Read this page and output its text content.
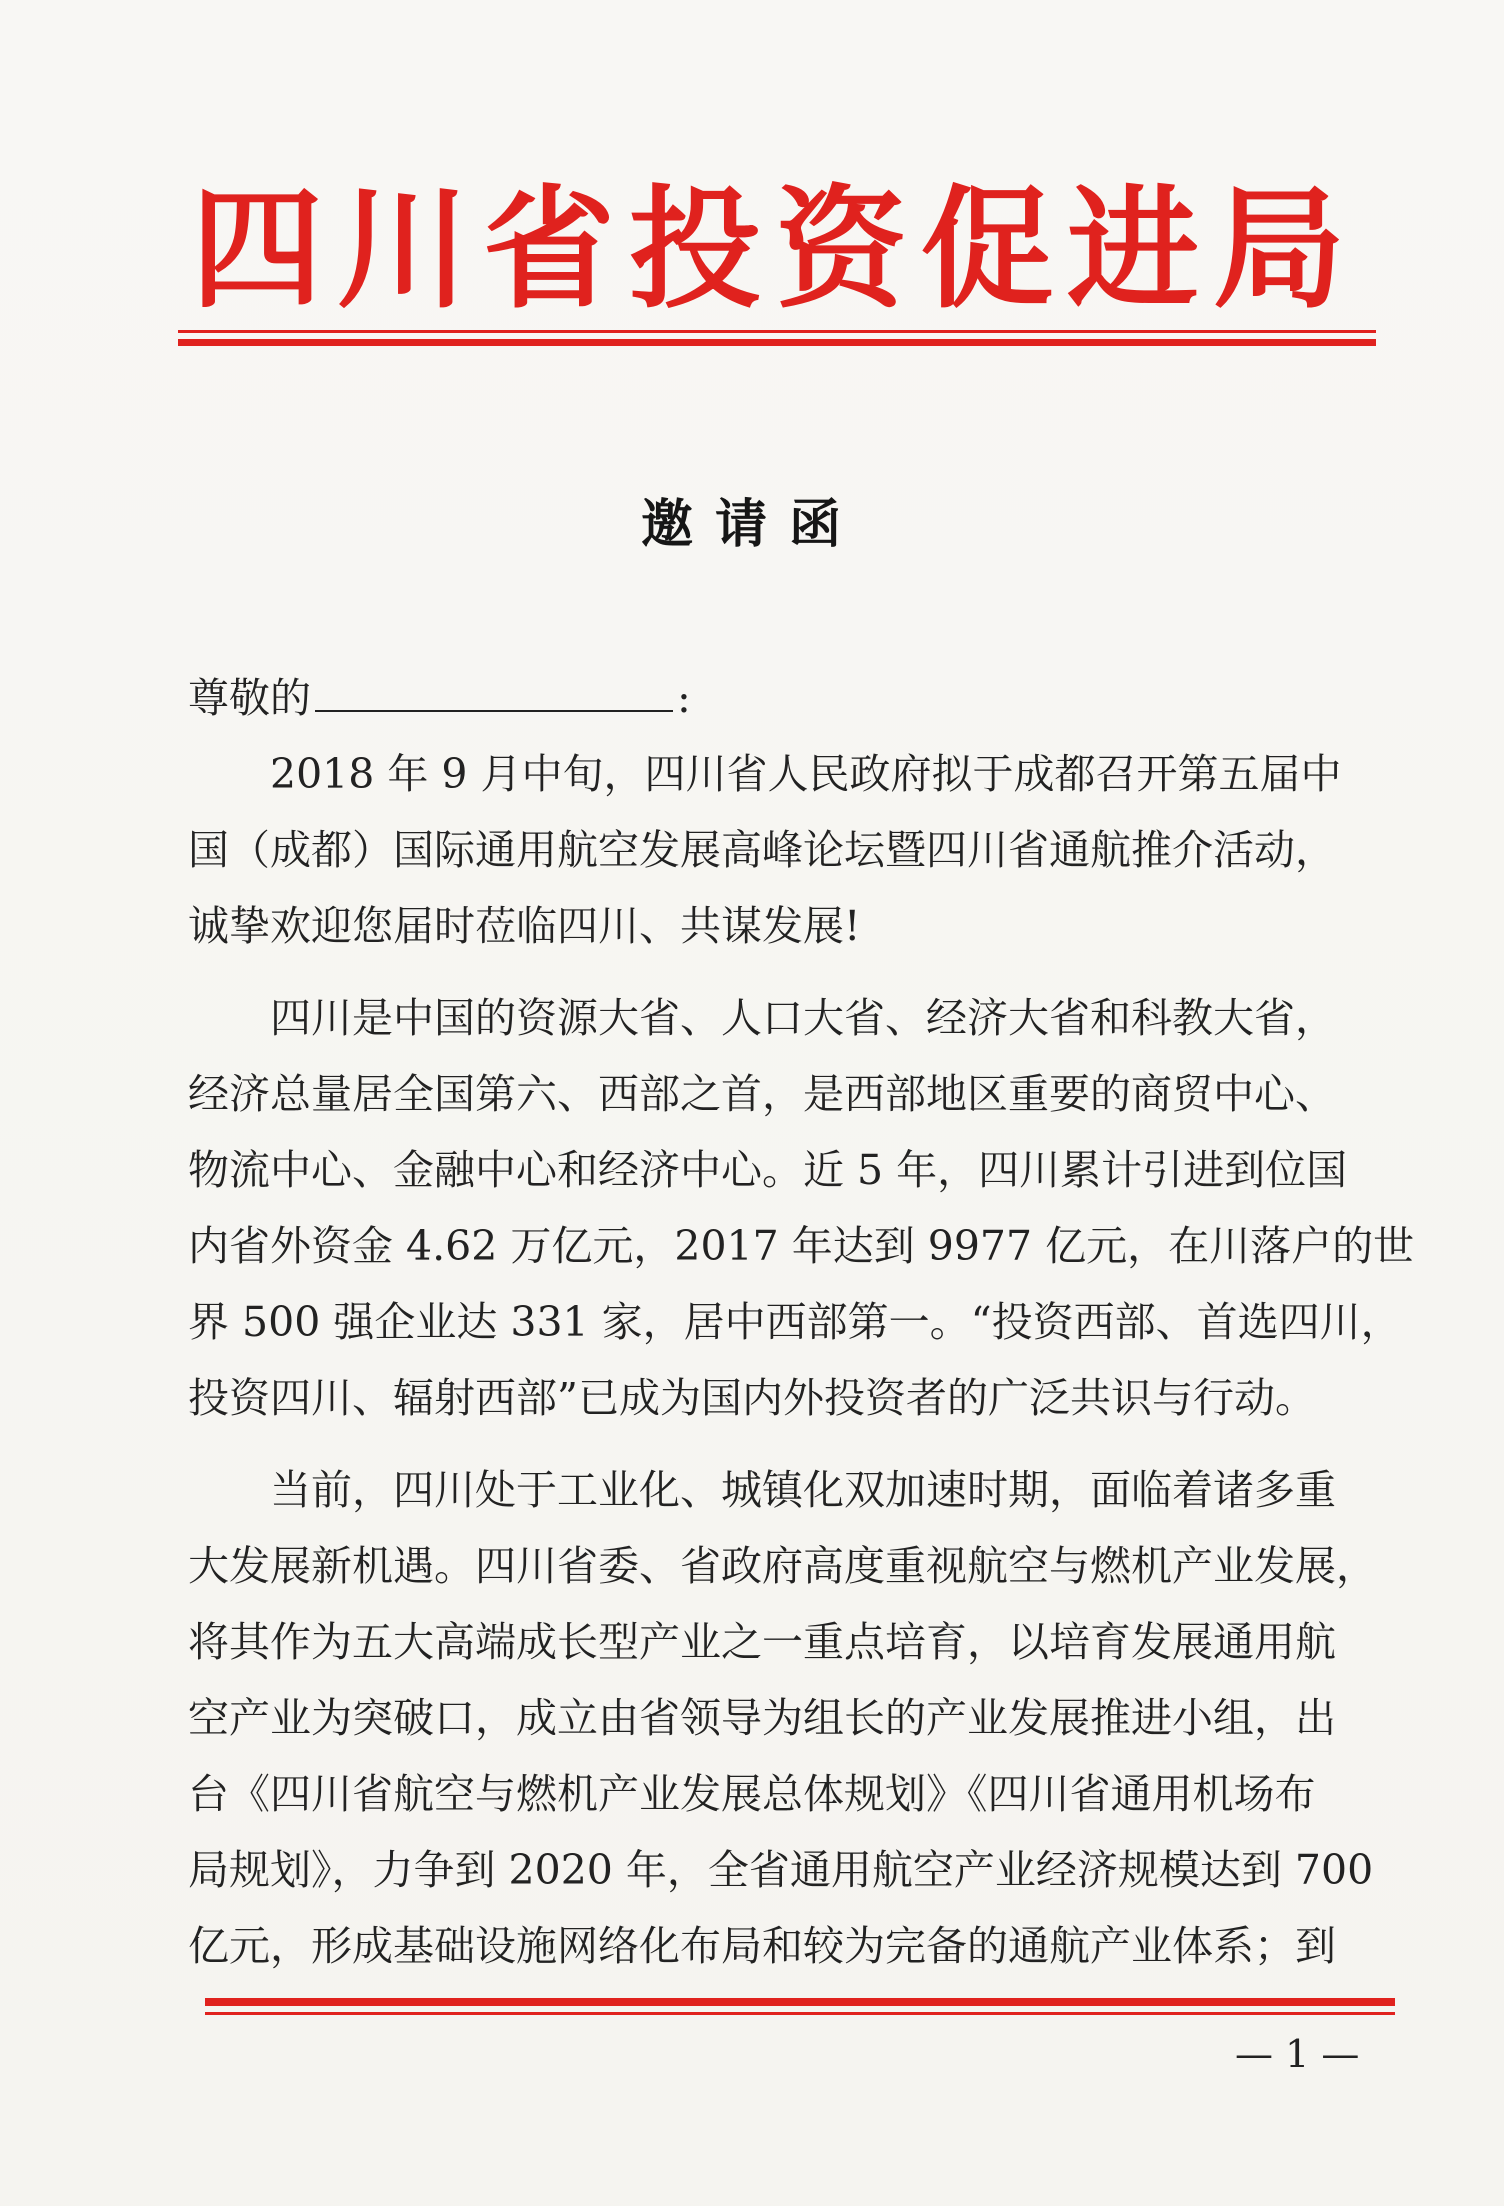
四川省投资促进局
邀请函
尊敬的	:
2018 年 9 月中旬，四川省人民政府拟于成都召开第五届中
国（成都）国际通用航空发展高峰论坛暨四川省通航推介活动，
诚挚欢迎您届时莅临四川、共谋发展!
四川是中国的资源大省、人口大省、经济大省和科教大省，
经济总量居全国第六、西部之首，是西部地区重要的商贸中心、
物流中心、金融中心和经济中心。近 5 年，四川累计引进到位国
内省外资金 4.62 万亿元，2017 年达到 9977 亿元，在川落户的世
界 500 强企业达 331 家，居中西部第一。“投资西部、首选四川，
投资四川、辐射西部”已成为国内外投资者的广泛共识与行动。
当前，四川处于工业化、城镇化双加速时期，面临着诸多重
大发展新机遇。四川省委、省政府高度重视航空与燃机产业发展，
将其作为五大高端成长型产业之一重点培育，以培育发展通用航
空产业为突破口，成立由省领导为组长的产业发展推进小组，出
台《四川省航空与燃机产业发展总体规划》《四川省通用机场布
局规划》，力争到 2020 年，全省通用航空产业经济规模达到 700
亿元，形成基础设施网络化布局和较为完备的通航产业体系；到
— 1 —
